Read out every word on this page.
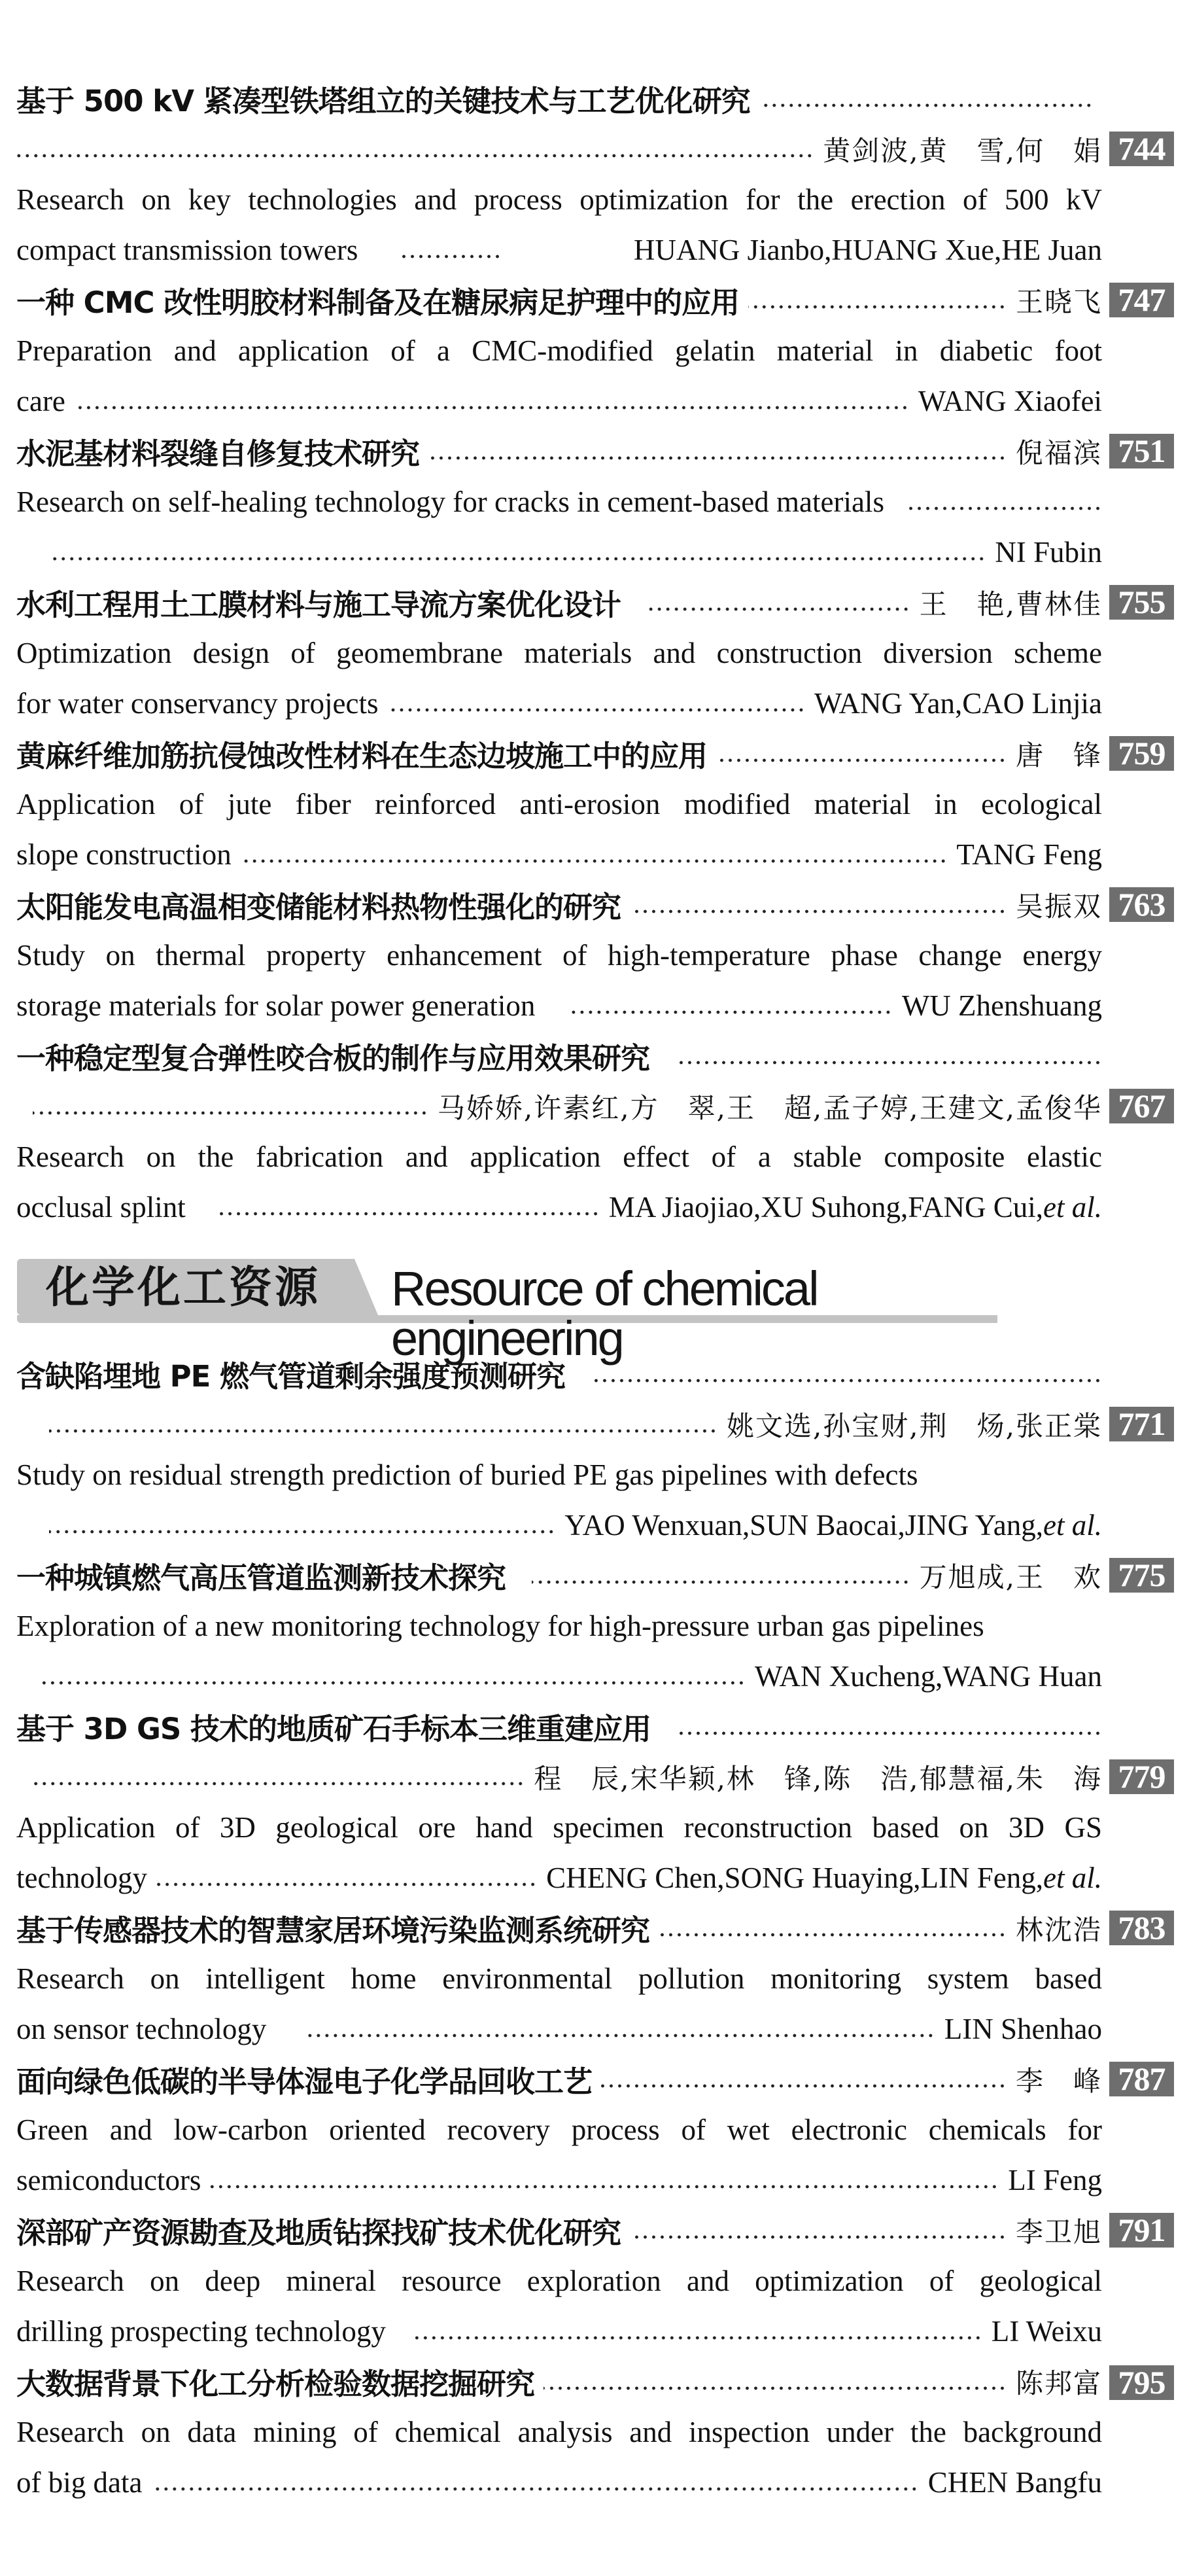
基于 500 kV 紧凑型铁塔组立的关键技术与工艺优化研究
黄剑波,黄　雪,何　娟 744
Research on key technologies and process optimization for the erection of 500 kV
compact transmission towers	HUANG Jianbo,HUANG Xue,HE Juan
一种 CMC 改性明胶材料制备及在糖尿病足护理中的应用	王晓飞 747
Preparation and application of a CMC-modified gelatin material in diabetic foot
care	WANG Xiaofei
水泥基材料裂缝自修复技术研究	倪福滨 751
Research on self-healing technology for cracks in cement-based materials
NI Fubin
水利工程用土工膜材料与施工导流方案优化设计	王　艳,曹林佳 755
Optimization design of geomembrane materials and construction diversion scheme
for water conservancy projects	WANG Yan,CAO Linjia
黄麻纤维加筋抗侵蚀改性材料在生态边坡施工中的应用	唐　锋 759
Application of jute fiber reinforced anti-erosion modified material in ecological
slope construction	TANG Feng
太阳能发电高温相变储能材料热物性强化的研究	吴振双 763
Study on thermal property enhancement of high-temperature phase change energy
storage materials for solar power generation	WU Zhenshuang
一种稳定型复合弹性咬合板的制作与应用效果研究
马娇娇,许素红,方　翠,王　超,孟子婷,王建文,孟俊华 767
Research on the fabrication and application effect of a stable composite elastic
occlusal splint	MA Jiaojiao,XU Suhong,FANG Cui,et al.
化学化工资源 Resource of chemical engineering
含缺陷埋地 PE 燃气管道剩余强度预测研究
姚文选,孙宝财,荆　炀,张正棠 771
Study on residual strength prediction of buried PE gas pipelines with defects
YAO Wenxuan,SUN Baocai,JING Yang,et al.
一种城镇燃气高压管道监测新技术探究	万旭成,王　欢 775
Exploration of a new monitoring technology for high-pressure urban gas pipelines
WAN Xucheng,WANG Huan
基于 3D GS 技术的地质矿石手标本三维重建应用
程　辰,宋华颖,林　锋,陈　浩,郁慧福,朱　海 779
Application of 3D geological ore hand specimen reconstruction based on 3D GS
technology	CHENG Chen,SONG Huaying,LIN Feng,et al.
基于传感器技术的智慧家居环境污染监测系统研究	林沈浩 783
Research on intelligent home environmental pollution monitoring system based
on sensor technology	LIN Shenhao
面向绿色低碳的半导体湿电子化学品回收工艺	李　峰 787
Green and low-carbon oriented recovery process of wet electronic chemicals for
semiconductors	LI Feng
深部矿产资源勘查及地质钻探找矿技术优化研究	李卫旭 791
Research on deep mineral resource exploration and optimization of geological
drilling prospecting technology	LI Weixu
大数据背景下化工分析检验数据挖掘研究	陈邦富 795
Research on data mining of chemical analysis and inspection under the background
of big data	CHEN Bangfu
